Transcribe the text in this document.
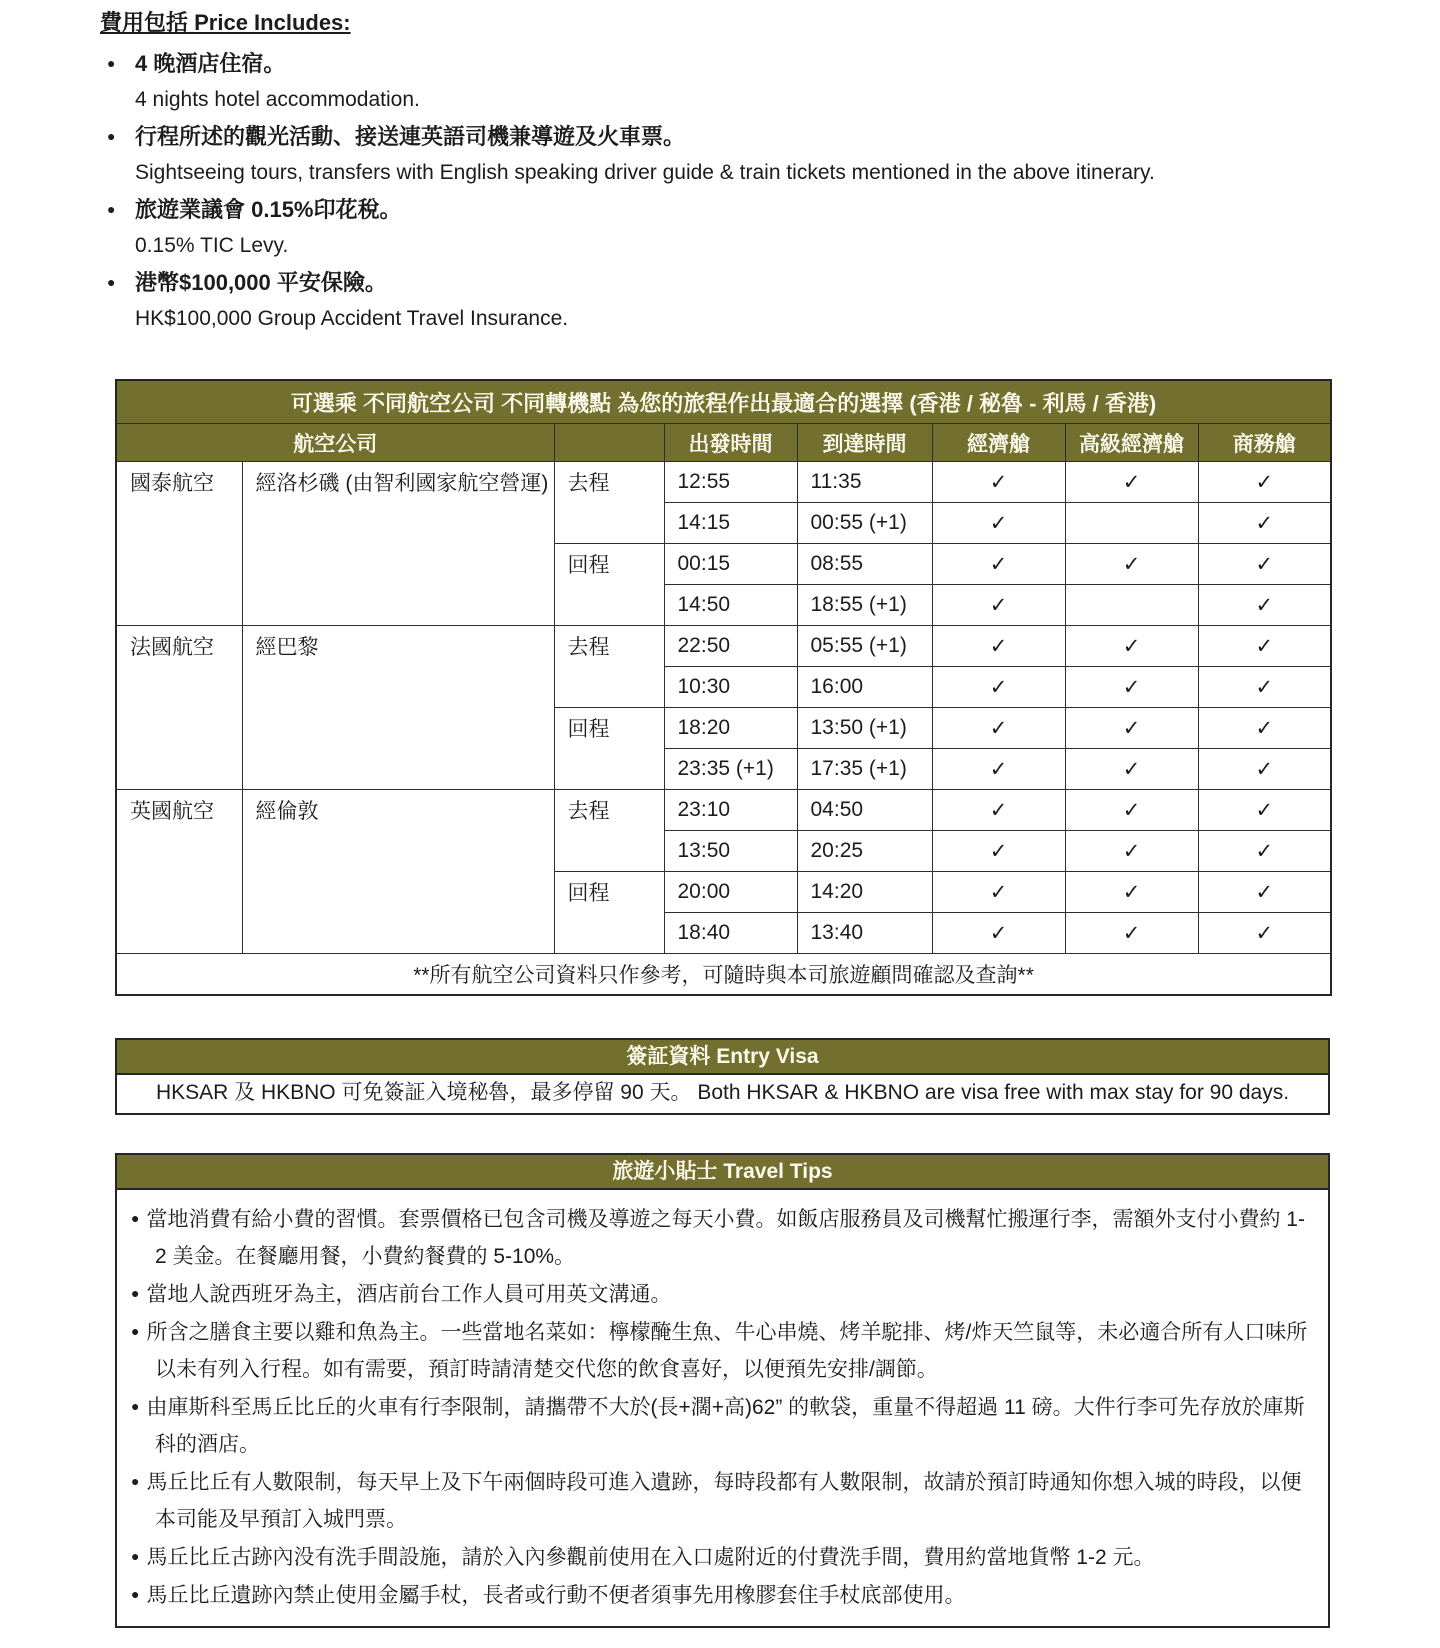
費用包括 Price Includes:
● 4 晚酒店住宿。
4 nights hotel accommodation.
● 行程所述的觀光活動、接送連英語司機兼導遊及火車票。
Sightseeing tours, transfers with English speaking driver guide & train tickets mentioned in the above itinerary.
● 旅遊業議會 0.15%印花稅。
0.15% TIC Levy.
● 港幣$100,000 平安保險。
HK$100,000 Group Accident Travel Insurance.
可選乘 不同航空公司 不同轉機點 為您的旅程作出最適合的選擇 (香港 / 秘魯 - 利馬 / 香港)							
航空公司			出發時間	到達時間	經濟艙	高級經濟艙	商務艙
國泰航空	經洛杉磯 (由智利國家航空營運)	去程	12:55	11:35	✓	✓	✓
			14:15	00:55 (+1)	✓		✓
		回程	00:15	08:55	✓	✓	✓
			14:50	18:55 (+1)	✓		✓
法國航空	經巴黎	去程	22:50	05:55 (+1)	✓	✓	✓
			10:30	16:00	✓	✓	✓
		回程	18:20	13:50 (+1)	✓	✓	✓
			23:35 (+1)	17:35 (+1)	✓	✓	✓
英國航空	經倫敦	去程	23:10	04:50	✓	✓	✓
			13:50	20:25	✓	✓	✓
		回程	20:00	14:20	✓	✓	✓
			18:40	13:40	✓	✓	✓
**所有航空公司資料只作參考，可隨時與本司旅遊顧問確認及查詢**							
簽証資料 Entry Visa
HKSAR 及 HKBNO 可免簽証入境秘魯，最多停留 90 天。 Both HKSAR & HKBNO are visa free with max stay for 90 days.
旅遊小貼士 Travel Tips
● 當地消費有給小費的習慣。套票價格已包含司機及導遊之每天小費。如飯店服務員及司機幫忙搬運行李，需額外支付小費約 1-2 美金。在餐廳用餐，小費約餐費的 5-10%。
● 當地人說西班牙為主，酒店前台工作人員可用英文溝通。
● 所含之膳食主要以雞和魚為主。一些當地名菜如：檸檬醃生魚、牛心串燒、烤羊駝排、烤/炸天竺鼠等，未必適合所有人口味所以未有列入行程。如有需要，預訂時請清楚交代您的飲食喜好，以便預先安排/調節。
● 由庫斯科至馬丘比丘的火車有行李限制，請攜帶不大於(長+濶+高)62” 的軟袋，重量不得超過 11 磅。大件行李可先存放於庫斯科的酒店。
● 馬丘比丘有人數限制，每天早上及下午兩個時段可進入遺跡，每時段都有人數限制，故請於預訂時通知你想入城的時段，以便本司能及早預訂入城門票。
● 馬丘比丘古跡內没有洗手間設施，請於入內參觀前使用在入口處附近的付費洗手間，費用約當地貨幣 1-2 元。
● 馬丘比丘遺跡內禁止使用金屬手杖，長者或行動不便者須事先用橡膠套住手杖底部使用。
